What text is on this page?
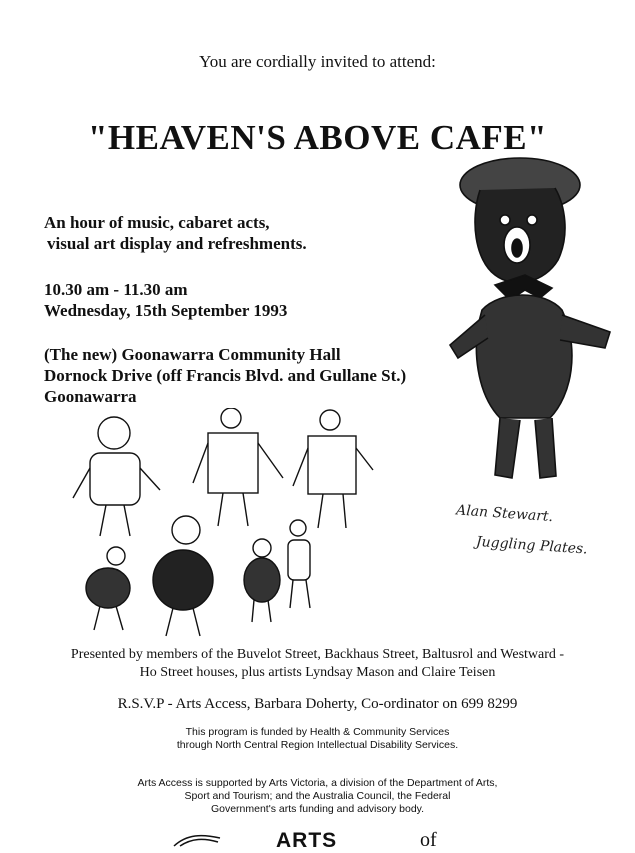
You are cordially invited to attend:
"HEAVEN'S ABOVE CAFE"
An hour of music, cabaret acts,
visual art display and refreshments.
10.30 am - 11.30 am
Wednesday, 15th September 1993
(The new) Goonawarra Community Hall
Dornock Drive (off Francis Blvd. and Gullane St.)
Goonawarra
Alan Stewart.
Juggling Plates.
Presented by members of the Buvelot Street, Backhaus Street, Baltusrol and Westward -
Ho Street houses, plus artists Lyndsay Mason and Claire Teisen
R.S.V.P - Arts Access, Barbara Doherty, Co-ordinator on 699 8299
This program is funded by Health & Community Services
through North Central Region Intellectual Disability Services.
Arts Access is supported by Arts Victoria, a division of the Department of Arts,
Sport and Tourism; and the Australia Council, the Federal
Government's arts funding and advisory body.
ARTS	of
